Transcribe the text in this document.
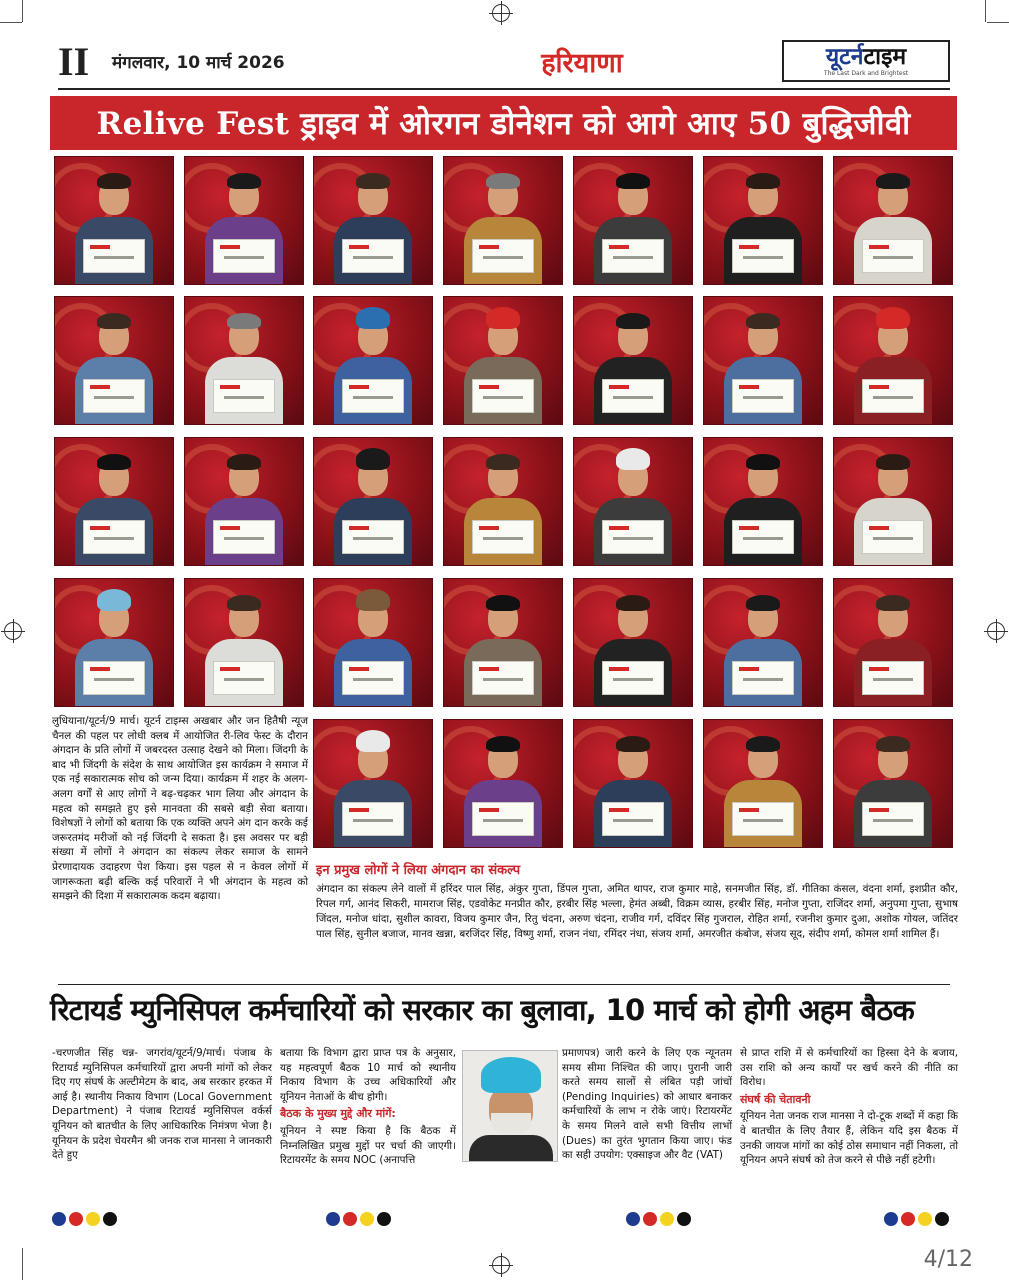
II	मंगलवार, 10 मार्च 2026	हरियाणा	यूटर्नटाइम
The Last Dark and Brightest
Relive Fest ड्राइव में ओरगन डोनेशन को आगे आए 50 बुद्धिजीवी
लुधियाना/यूटर्न/9 मार्च। यूटर्न टाइम्स अखबार और जन हितैषी न्यूज चैनल की पहल पर लोधी क्लब में आयोजित री-लिव फेस्ट के दौरान अंगदान के प्रति लोगों में जबरदस्त उत्साह देखने को मिला। जिंदगी के बाद भी जिंदगी के संदेश के साथ आयोजित इस कार्यक्रम ने समाज में एक नई सकारात्मक सोच को जन्म दिया। कार्यक्रम में शहर के अलग-अलग वर्गों से आए लोगों ने बढ़-चढ़कर भाग लिया और अंगदान के महत्व को समझते हुए इसे मानवता की सबसे बड़ी सेवा बताया। विशेषज्ञों ने लोगों को बताया कि एक व्यक्ति अपने अंग दान करके कई जरूरतमंद मरीजों को नई जिंदगी दे सकता है। इस अवसर पर बड़ी संख्या में लोगों ने अंगदान का संकल्प लेकर समाज के सामने प्रेरणादायक उदाहरण पेश किया। इस पहल से न केवल लोगों में जागरूकता बढ़ी बल्कि कई परिवारों ने भी अंगदान के महत्व को समझने की दिशा में सकारात्मक कदम बढ़ाया।
इन प्रमुख लोगों ने लिया अंगदान का संकल्प
अंगदान का संकल्प लेने वालों में हरिंदर पाल सिंह, अंकुर गुप्ता, डिंपल गुप्ता, अमित थापर, राज कुमार माहे, सनमजीत सिंह, डॉ. गीतिका कंसल, वंदना शर्मा, इशप्रीत कौर, रिपल गर्ग, आनंद सिकरी, मामराज सिंह, एडवोकेट मनप्रीत कौर, हरबीर सिंह भल्ला, हेमंत अब्बी, विक्रम व्यास, हरबीर सिंह, मनोज गुप्ता, राजिंदर शर्मा, अनुपमा गुप्ता, सुभाष जिंदल, मनोज धांदा, सुशील कावरा, विजय कुमार जैन, रितु चंदना, अरुण चंदना, राजीव गर्ग, दविंदर सिंह गुजराल, रोहित शर्मा, रजनीश कुमार दुआ, अशोक गोयल, जतिंदर पाल सिंह, सुनील बजाज, मानव खन्ना, बरजिंदर सिंह, विष्णु शर्मा, राजन नंधा, रमिंदर नंधा, संजय शर्मा, अमरजीत कंबोज, संजय सूद, संदीप शर्मा, कोमल शर्मा शामिल हैं।
रिटायर्ड म्युनिसिपल कर्मचारियों को सरकार का बुलावा, 10 मार्च को होगी अहम बैठक
-चरणजीत सिंह चन्न- जगरांव/यूटर्न/9/मार्च। पंजाब के रिटायर्ड म्युनिसिपल कर्मचारियों द्वारा अपनी मांगों को लेकर दिए गए संघर्ष के अल्टीमेटम के बाद, अब सरकार हरकत में आई है। स्थानीय निकाय विभाग (Local Government Department) ने पंजाब रिटायर्ड म्युनिसिपल वर्कर्स यूनियन को बातचीत के लिए आधिकारिक निमंत्रण भेजा है। यूनियन के प्रदेश चेयरमैन श्री जनक राज मानसा ने जानकारी देते हुए
बताया कि विभाग द्वारा प्राप्त पत्र के अनुसार, यह महत्वपूर्ण बैठक 10 मार्च को स्थानीय निकाय विभाग के उच्च अधिकारियों और यूनियन नेताओं के बीच होगी।
बैठक के मुख्य मुद्दे और मांगें:
यूनियन ने स्पष्ट किया है कि बैठक में निम्नलिखित प्रमुख मुद्दों पर चर्चा की जाएगी। रिटायरमेंट के समय NOC (अनापत्ति
प्रमाणपत्र) जारी करने के लिए एक न्यूनतम समय सीमा निश्चित की जाए। पुरानी जारी करते समय सालों से लंबित पड़ी जांचों (Pending Inquiries) को आधार बनाकर कर्मचारियों के लाभ न रोके जाएं। रिटायरमेंट के समय मिलने वाले सभी वित्तीय लाभों (Dues) का तुरंत भुगतान किया जाए। फंड का सही उपयोग: एक्साइज और वैट (VAT)
से प्राप्त राशि में से कर्मचारियों का हिस्सा देने के बजाय, उस राशि को अन्य कार्यों पर खर्च करने की नीति का विरोध।
संघर्ष की चेतावनी
यूनियन नेता जनक राज मानसा ने दो-टूक शब्दों में कहा कि वे बातचीत के लिए तैयार हैं, लेकिन यदि इस बैठक में उनकी जायज मांगों का कोई ठोस समाधान नहीं निकला, तो यूनियन अपने संघर्ष को तेज करने से पीछे नहीं हटेगी।
4/12
